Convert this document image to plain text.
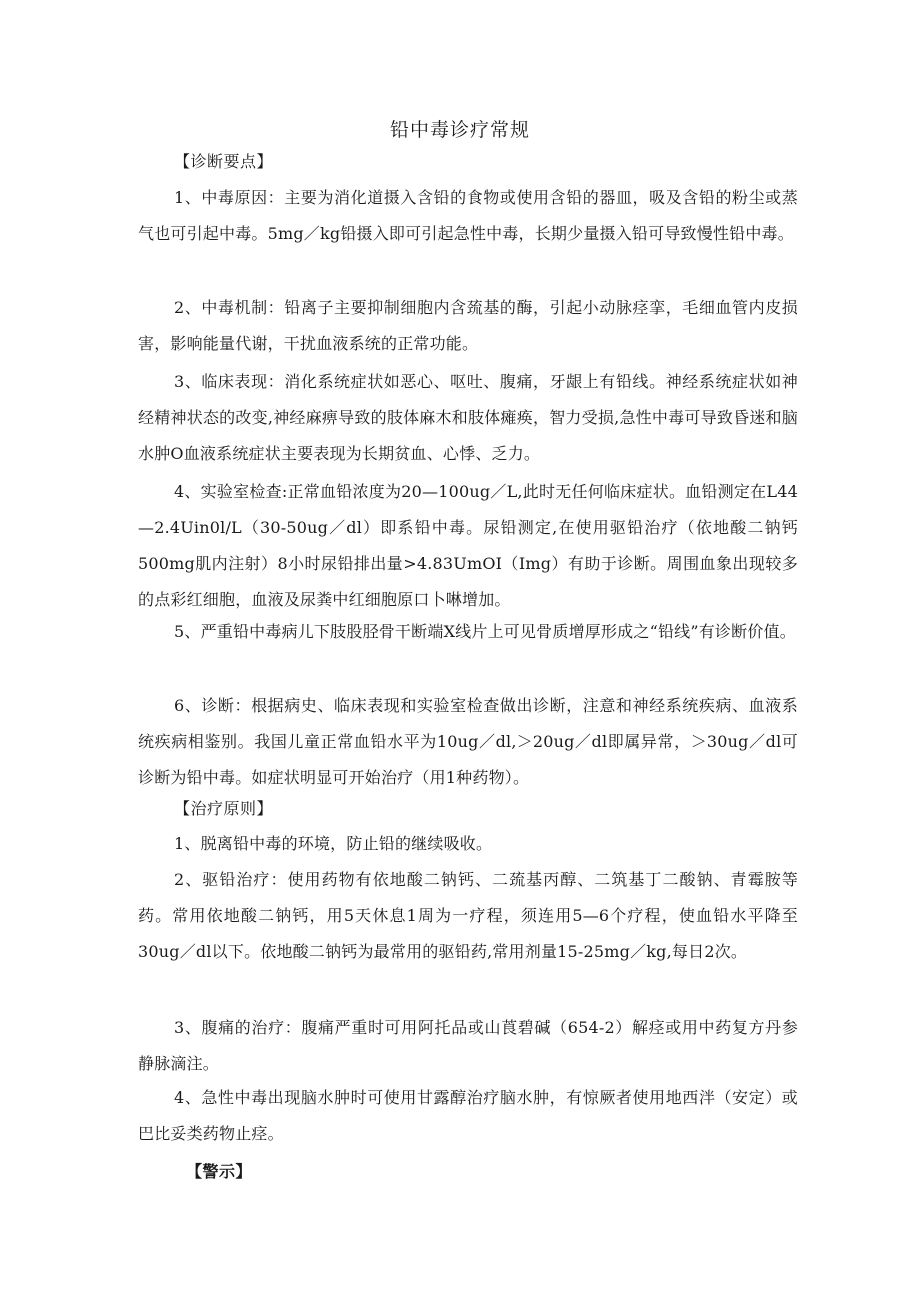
铅中毒诊疗常规
【诊断要点】

1、中毒原因：主要为消化道摄入含铅的食物或使用含铅的器皿，吸及含铅的粉尘或蒸气也可引起中毒。5mg／kg铅摄入即可引起急性中毒，长期少量摄入铅可导致慢性铅中毒。

2、中毒机制：铅离子主要抑制细胞内含巯基的酶，引起小动脉痉挛，毛细血管内皮损害，影响能量代谢，干扰血液系统的正常功能。

3、临床表现：消化系统症状如恶心、呕吐、腹痛，牙龈上有铅线。神经系统症状如神经精神状态的改变,神经麻痹导致的肢体麻木和肢体瘫痪，智力受损,急性中毒可导致昏迷和脑水肿O血液系统症状主要表现为长期贫血、心悸、乏力。

4、实验室检查:正常血铅浓度为20—100ug／L,此时无任何临床症状。血铅测定在L44—2.4Uin0l/L（30-50ug／dl）即系铅中毒。尿铅测定,在使用驱铅治疗（依地酸二钠钙500mg肌内注射）8小时尿铅排出量>4.83UmOI（Img）有助于诊断。周围血象出现较多的点彩红细胞，血液及尿粪中红细胞原口卜啉增加。

5、严重铅中毒病儿下肢股胫骨干断端X线片上可见骨质增厚形成之“铅线”有诊断价值。

6、诊断：根据病史、临床表现和实验室检查做出诊断，注意和神经系统疾病、血液系统疾病相鉴别。我国儿童正常血铅水平为10ug／dl,＞20ug／dl即属异常，＞30ug／dl可诊断为铅中毒。如症状明显可开始治疗（用1种药物）。

【治疗原则】

1、脱离铅中毒的环境，防止铅的继续吸收。

2、驱铅治疗：使用药物有依地酸二钠钙、二巯基丙醇、二筑基丁二酸钠、青霉胺等药。常用依地酸二钠钙，用5天休息1周为一疗程，须连用5—6个疗程，使血铅水平降至30ug／dl以下。依地酸二钠钙为最常用的驱铅药,常用剂量15-25mg／kg,每日2次。

3、腹痛的治疗：腹痛严重时可用阿托品或山莨碧碱（654-2）解痉或用中药复方丹参静脉滴注。

4、急性中毒出现脑水肿时可使用甘露醇治疗脑水肿，有惊厥者使用地西泮（安定）或巴比妥类药物止痉。

【警示】
